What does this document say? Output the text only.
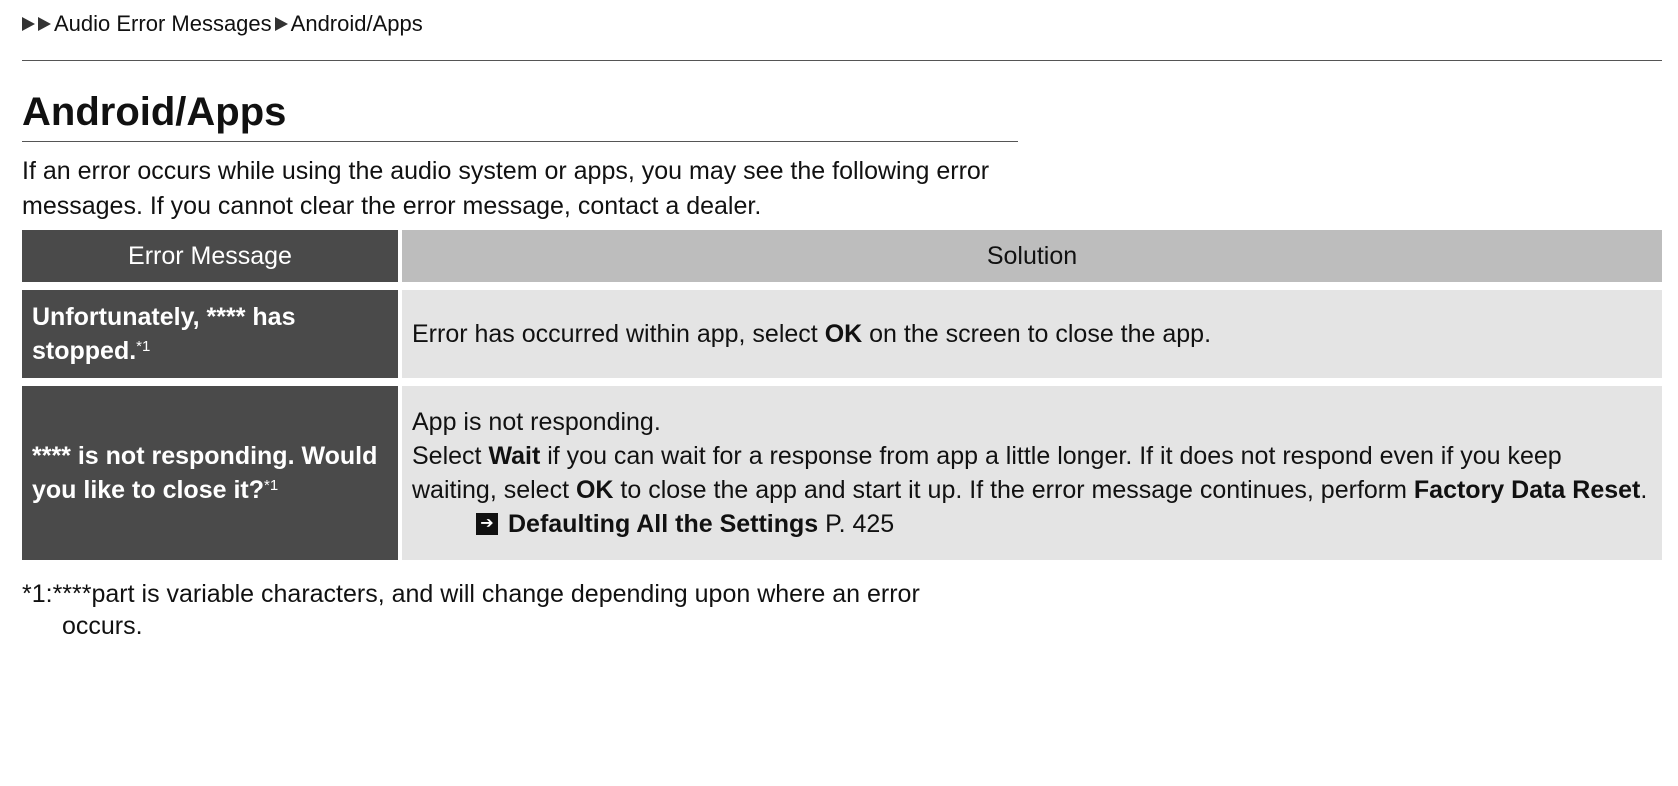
Audio Error Messages Android/Apps
Android/Apps
If an error occurs while using the audio system or apps, you may see the following error messages. If you cannot clear the error message, contact a dealer.
Error Message	Solution

Unfortunately, **** has stopped.$^{*1}$	Error has occurred within app, select OK on the screen to close the app.

**** is not responding. Would you like to close it?$^{*1}$	App is not responding.
Select Wait if you can wait for a response from app a little longer. If it does not respond even if you keep waiting, select OK to close the app and start it up. If the error message continues, perform Factory Data Reset.
➔ Defaulting All the Settings
P. 425
*1:****part is variable characters, and will change depending upon where an error
occurs.
